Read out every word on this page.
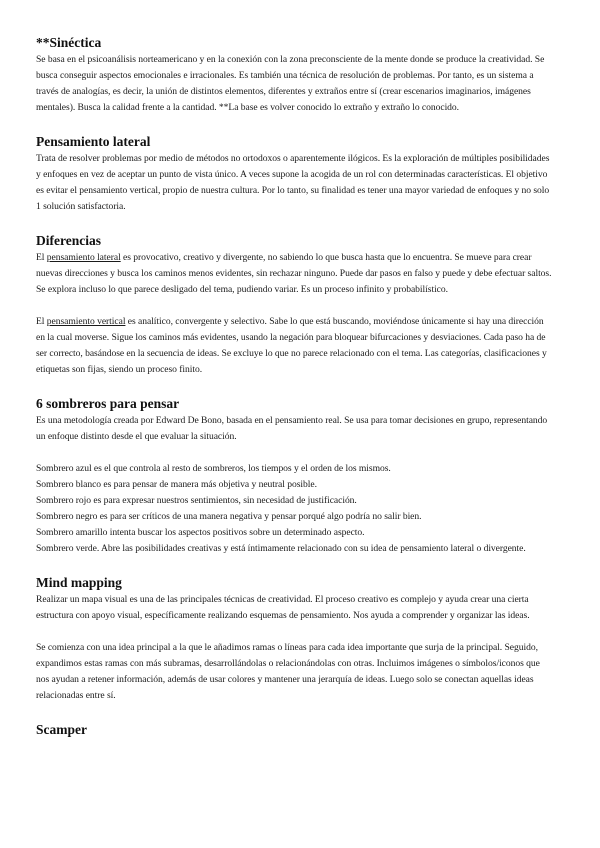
**Sinéctica

Se basa en el psicoanálisis norteamericano y en la conexión con la zona preconsciente de la mente donde se produce la creatividad. Se busca conseguir aspectos emocionales e irracionales. Es también una técnica de resolución de problemas. Por tanto, es un sistema a través de analogías, es decir, la unión de distintos elementos, diferentes y extraños entre sí (crear escenarios imaginarios, imágenes mentales). Busca la calidad frente a la cantidad. **La base es volver conocido lo extraño y extraño lo conocido.

Pensamiento lateral

Trata de resolver problemas por medio de métodos no ortodoxos o aparentemente ilógicos. Es la exploración de múltiples posibilidades y enfoques en vez de aceptar un punto de vista único. A veces supone la acogida de un rol con determinadas características. El objetivo es evitar el pensamiento vertical, propio de nuestra cultura. Por lo tanto, su finalidad es tener una mayor variedad de enfoques y no solo 1 solución satisfactoria.

Diferencias

El pensamiento lateral es provocativo, creativo y divergente, no sabiendo lo que busca hasta que lo encuentra. Se mueve para crear nuevas direcciones y busca los caminos menos evidentes, sin rechazar ninguno. Puede dar pasos en falso y puede y debe efectuar saltos. Se explora incluso lo que parece desligado del tema, pudiendo variar. Es un proceso infinito y probabilístico.

El pensamiento vertical es analítico, convergente y selectivo. Sabe lo que está buscando, moviéndose únicamente si hay una dirección en la cual moverse. Sigue los caminos más evidentes, usando la negación para bloquear bifurcaciones y desviaciones. Cada paso ha de ser correcto, basándose en la secuencia de ideas. Se excluye lo que no parece relacionado con el tema. Las categorías, clasificaciones y etiquetas son fijas, siendo un proceso finito.

6 sombreros para pensar

Es una metodología creada por Edward De Bono, basada en el pensamiento real. Se usa para tomar decisiones en grupo, representando un enfoque distinto desde el que evaluar la situación.

Sombrero azul es el que controla al resto de sombreros, los tiempos y el orden de los mismos.

Sombrero blanco es para pensar de manera más objetiva y neutral posible.

Sombrero rojo es para expresar nuestros sentimientos, sin necesidad de justificación.

Sombrero negro es para ser críticos de una manera negativa y pensar porqué algo podría no salir bien.

Sombrero amarillo intenta buscar los aspectos positivos sobre un determinado aspecto.

Sombrero verde. Abre las posibilidades creativas y está íntimamente relacionado con su idea de pensamiento lateral o divergente.

Mind mapping

Realizar un mapa visual es una de las principales técnicas de creatividad. El proceso creativo es complejo y ayuda crear una cierta estructura con apoyo visual, específicamente realizando esquemas de pensamiento. Nos ayuda a comprender y organizar las ideas.

Se comienza con una idea principal a la que le añadimos ramas o líneas para cada idea importante que surja de la principal. Seguido, expandimos estas ramas con más subramas, desarrollándolas o relacionándolas con otras. Incluimos imágenes o símbolos/iconos que nos ayudan a retener información, además de usar colores y mantener una jerarquía de ideas. Luego solo se conectan aquellas ideas relacionadas entre sí.

Scamper
